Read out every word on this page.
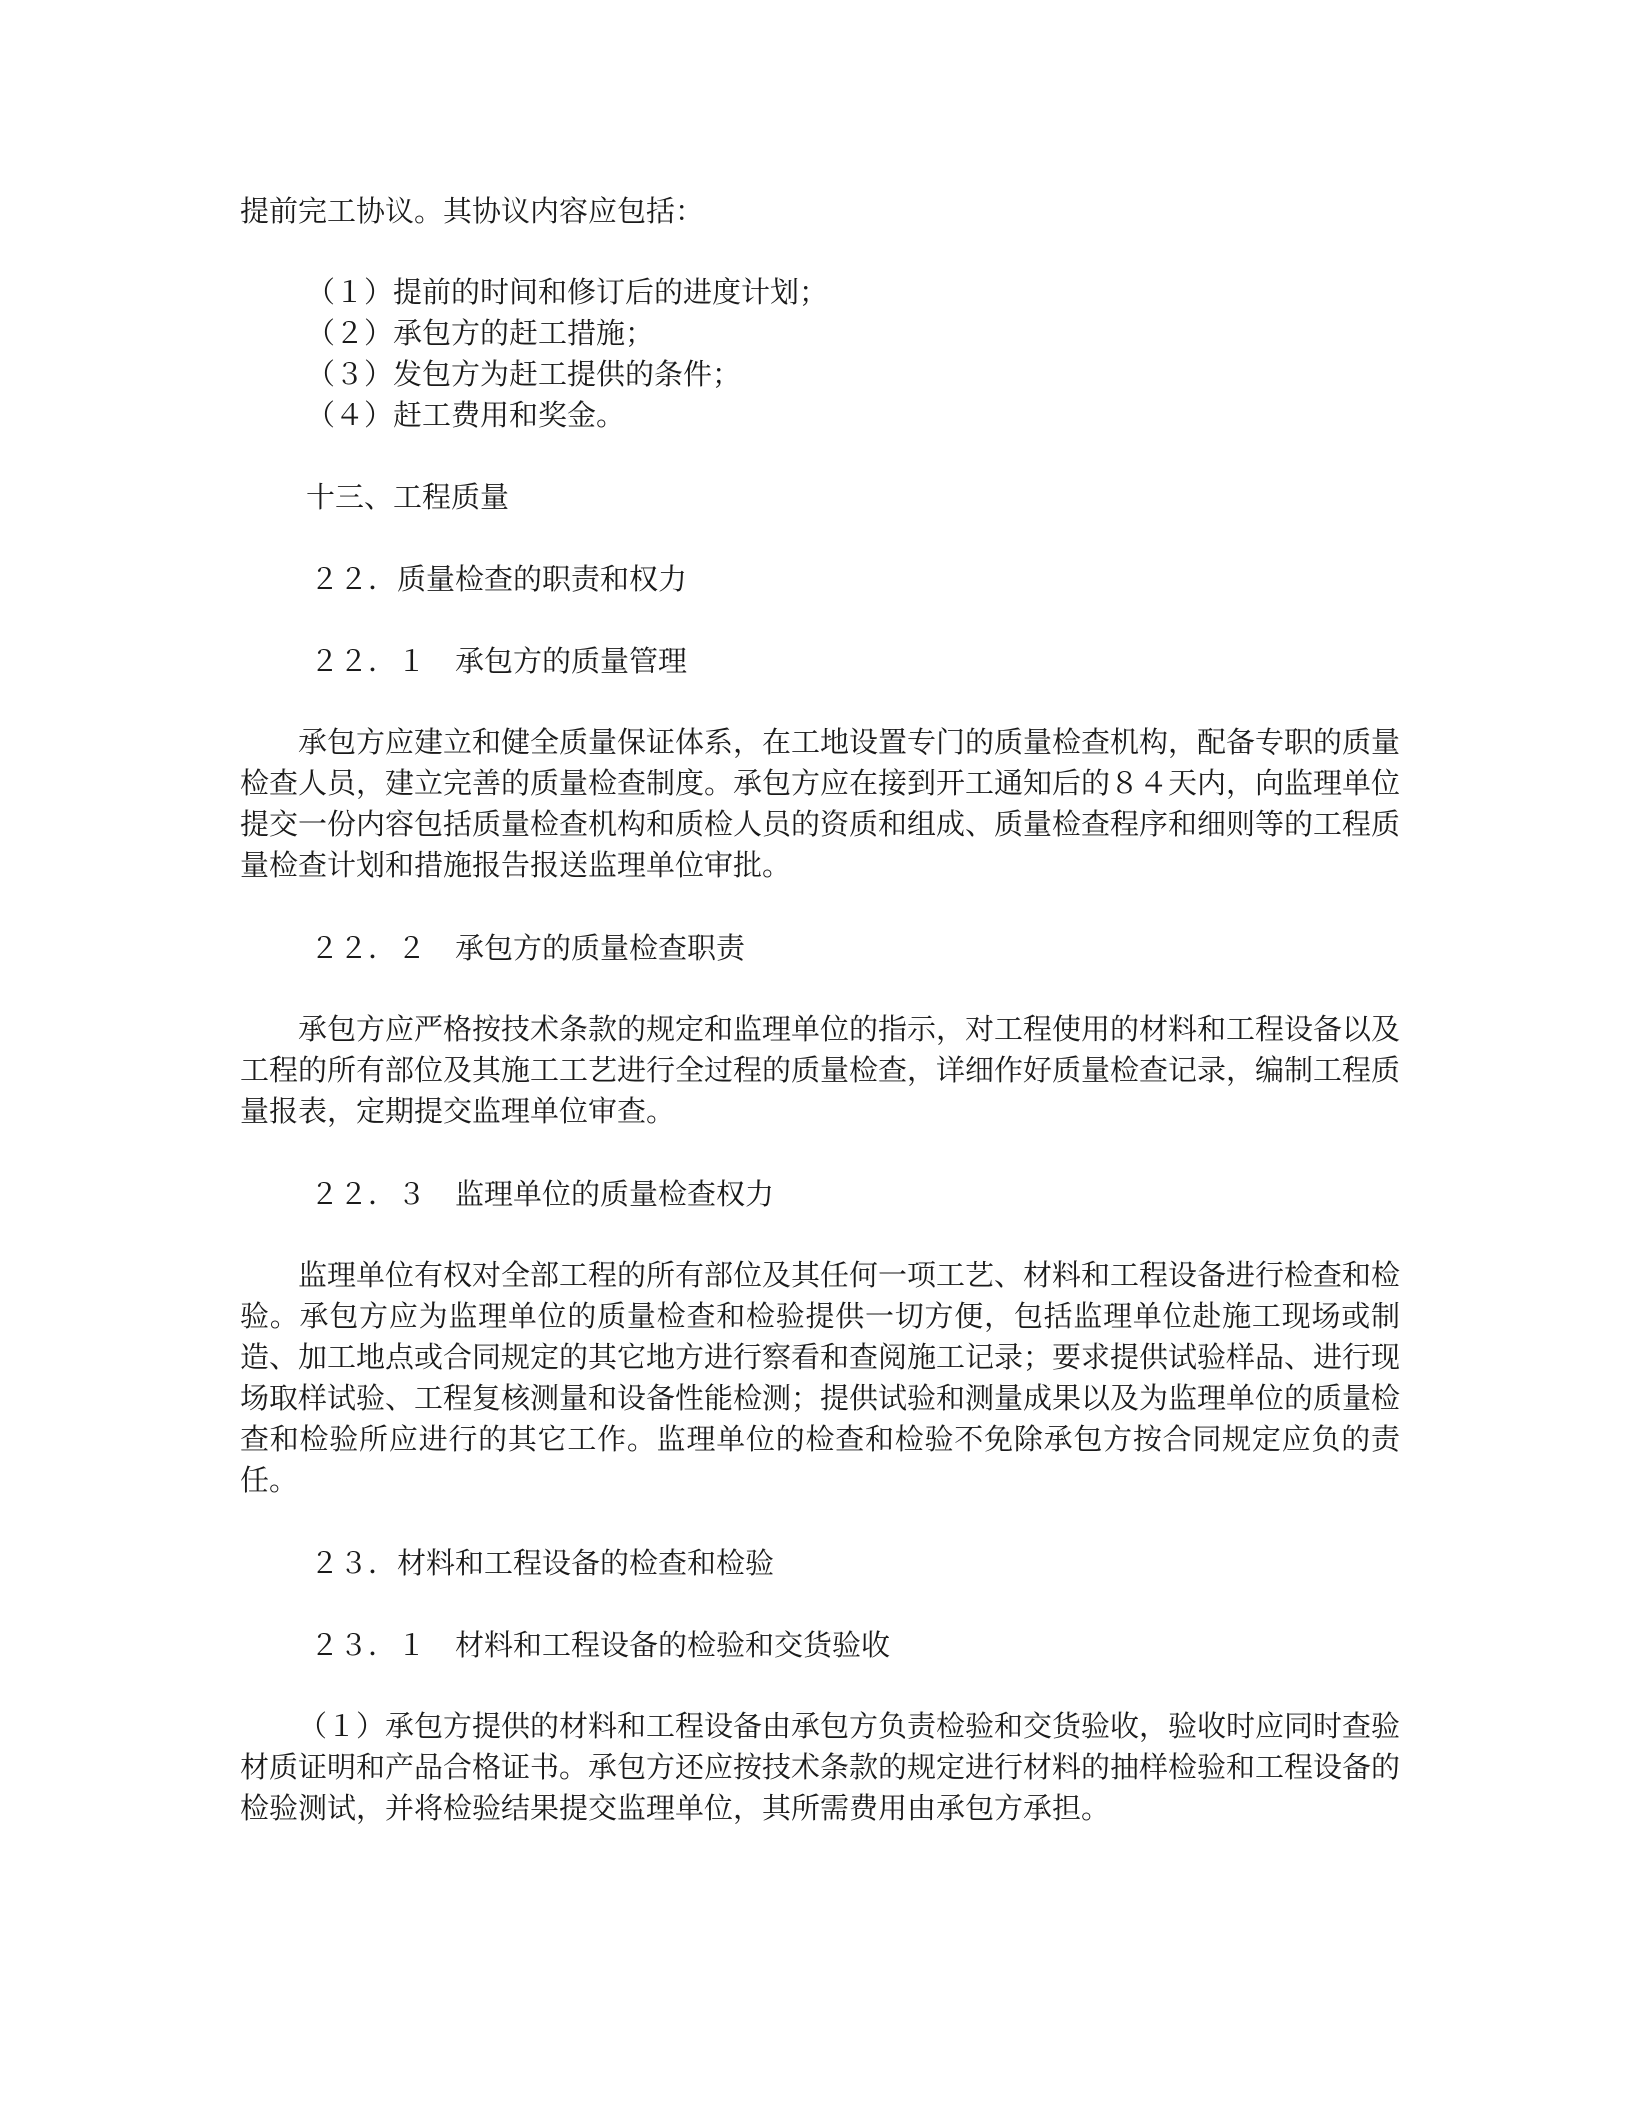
提前完工协议。其协议内容应包括：

（１）提前的时间和修订后的进度计划；
（２）承包方的赶工措施；
（３）发包方为赶工提供的条件；
（４）赶工费用和奖金。

十三、工程质量

２２．质量检查的职责和权力

２２．１　承包方的质量管理

承包方应建立和健全质量保证体系，在工地设置专门的质量检查机构，配备专职的质量检查人员，建立完善的质量检查制度。承包方应在接到开工通知后的８４天内，向监理单位提交一份内容包括质量检查机构和质检人员的资质和组成、质量检查程序和细则等的工程质量检查计划和措施报告报送监理单位审批。

２２．２　承包方的质量检查职责

承包方应严格按技术条款的规定和监理单位的指示，对工程使用的材料和工程设备以及工程的所有部位及其施工工艺进行全过程的质量检查，详细作好质量检查记录，编制工程质量报表，定期提交监理单位审查。

２２．３　监理单位的质量检查权力

监理单位有权对全部工程的所有部位及其任何一项工艺、材料和工程设备进行检查和检验。承包方应为监理单位的质量检查和检验提供一切方便，包括监理单位赴施工现场或制造、加工地点或合同规定的其它地方进行察看和查阅施工记录；要求提供试验样品、进行现场取样试验、工程复核测量和设备性能检测；提供试验和测量成果以及为监理单位的质量检查和检验所应进行的其它工作。监理单位的检查和检验不免除承包方按合同规定应负的责任。

２３．材料和工程设备的检查和检验

２３．１　材料和工程设备的检验和交货验收

（１）承包方提供的材料和工程设备由承包方负责检验和交货验收，验收时应同时查验材质证明和产品合格证书。承包方还应按技术条款的规定进行材料的抽样检验和工程设备的检验测试，并将检验结果提交监理单位，其所需费用由承包方承担。
